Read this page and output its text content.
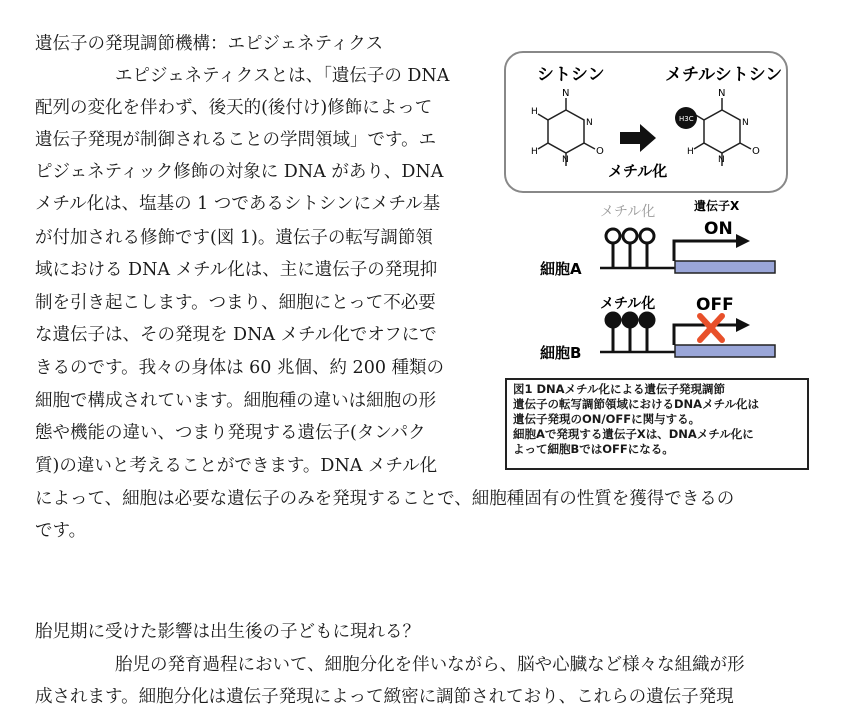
遺伝子の発現調節機構：エピジェネティクス
エピジェネティクスとは、「遺伝子の DNA
配列の変化を伴わず、後天的(後付け)修飾によって
遺伝子発現が制御されることの学問領域」です。エ
ピジェネティック修飾の対象に DNA があり、DNA
メチル化は、塩基の 1 つであるシトシンにメチル基
が付加される修飾です(図 1)。遺伝子の転写調節領
域における DNA メチル化は、主に遺伝子の発現抑
制を引き起こします。つまり、細胞にとって不必要
な遺伝子は、その発現を DNA メチル化でオフにで
きるのです。我々の身体は 60 兆個、約 200 種類の
細胞で構成されています。細胞種の違いは細胞の形
態や機能の違い、つまり発現する遺伝子(タンパク
質)の違いと考えることができます。DNA メチル化
によって、細胞は必要な遺伝子のみを発現することで、細胞種固有の性質を獲得できるの
です。
シトシン	メチルシトシン
N
H
H
N
N
O
メチル化
H3C
N
H
N
N
O
メチル化	遺伝子X
ON
細胞A
メチル化 OFF
細胞B
図1 DNAメチル化による遺伝子発現調節
遺伝子の転写調節領域におけるDNAメチル化は
遺伝子発現のON/OFFに関与する。
細胞Aで発現する遺伝子Xは、DNAメチル化に
よって細胞BではOFFになる。
胎児期に受けた影響は出生後の子どもに現れる？
胎児の発育過程において、細胞分化を伴いながら、脳や心臓など様々な組織が形
成されます。細胞分化は遺伝子発現によって緻密に調節されており、これらの遺伝子発現
